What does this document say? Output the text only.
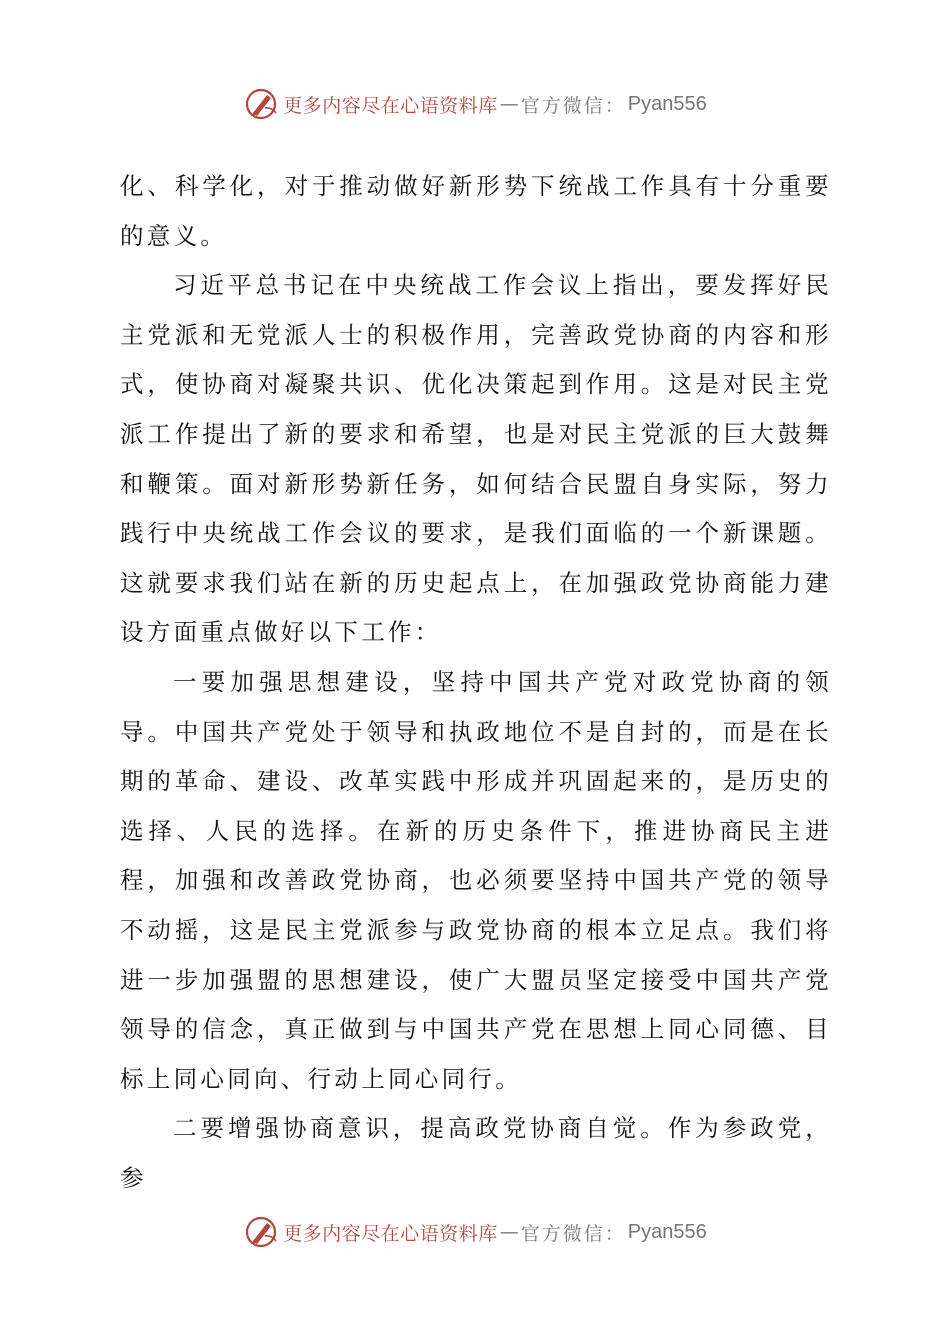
更多内容尽在心语资料库 — 官方微信： Pyan556

化、科学化，对于推动做好新形势下统战工作具有十分重要的意义。

习近平总书记在中央统战工作会议上指出，要发挥好民主党派和无党派人士的积极作用，完善政党协商的内容和形式，使协商对凝聚共识、优化决策起到作用。这是对民主党派工作提出了新的要求和希望，也是对民主党派的巨大鼓舞和鞭策。面对新形势新任务，如何结合民盟自身实际，努力践行中央统战工作会议的要求，是我们面临的一个新课题。这就要求我们站在新的历史起点上，在加强政党协商能力建设方面重点做好以下工作：

一要加强思想建设，坚持中国共产党对政党协商的领导。中国共产党处于领导和执政地位不是自封的，而是在长期的革命、建设、改革实践中形成并巩固起来的，是历史的选择、人民的选择。在新的历史条件下，推进协商民主进程，加强和改善政党协商，也必须要坚持中国共产党的领导不动摇，这是民主党派参与政党协商的根本立足点。我们将进一步加强盟的思想建设，使广大盟员坚定接受中国共产党领导的信念，真正做到与中国共产党在思想上同心同德、目标上同心同向、行动上同心同行。

二要增强协商意识，提高政党协商自觉。作为参政党，参

更多内容尽在心语资料库 — 官方微信： Pyan556
